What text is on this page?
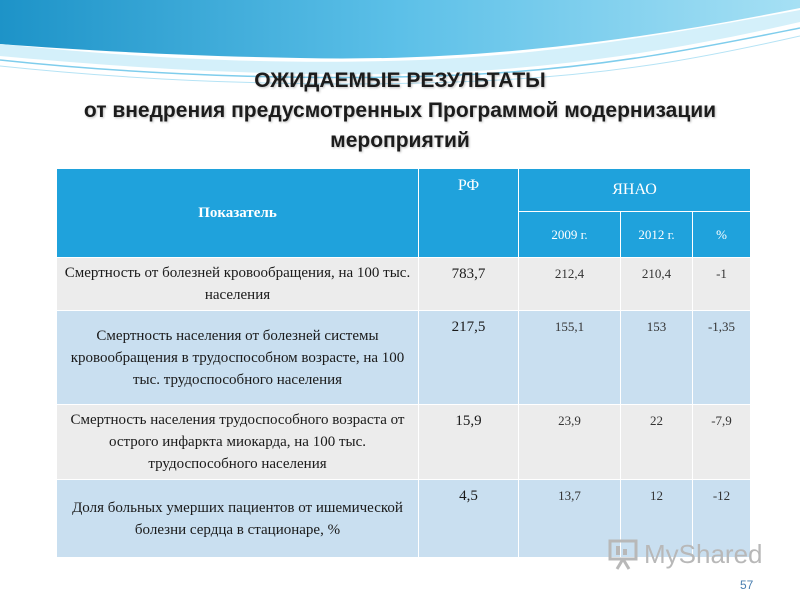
ОЖИДАЕМЫЕ РЕЗУЛЬТАТЫ
от внедрения предусмотренных Программой модернизации
мероприятий
Показатель	РФ	ЯНАО		
		2009 г.	2012 г.	%
Смертность от болезней кровообращения, на 100 тыс. населения	783,7	212,4	210,4	-1
Смертность населения от болезней системы кровообращения в трудоспособном возрасте, на 100 тыс. трудоспособного населения	217,5	155,1	153	-1,35
Смертность населения трудоспособного возраста от острого инфаркта миокарда, на 100 тыс. трудоспособного населения	15,9	23,9	22	-7,9
Доля больных умерших пациентов от ишемической болезни сердца в стационаре, %	4,5	13,7	12	-12
MyShared
57
